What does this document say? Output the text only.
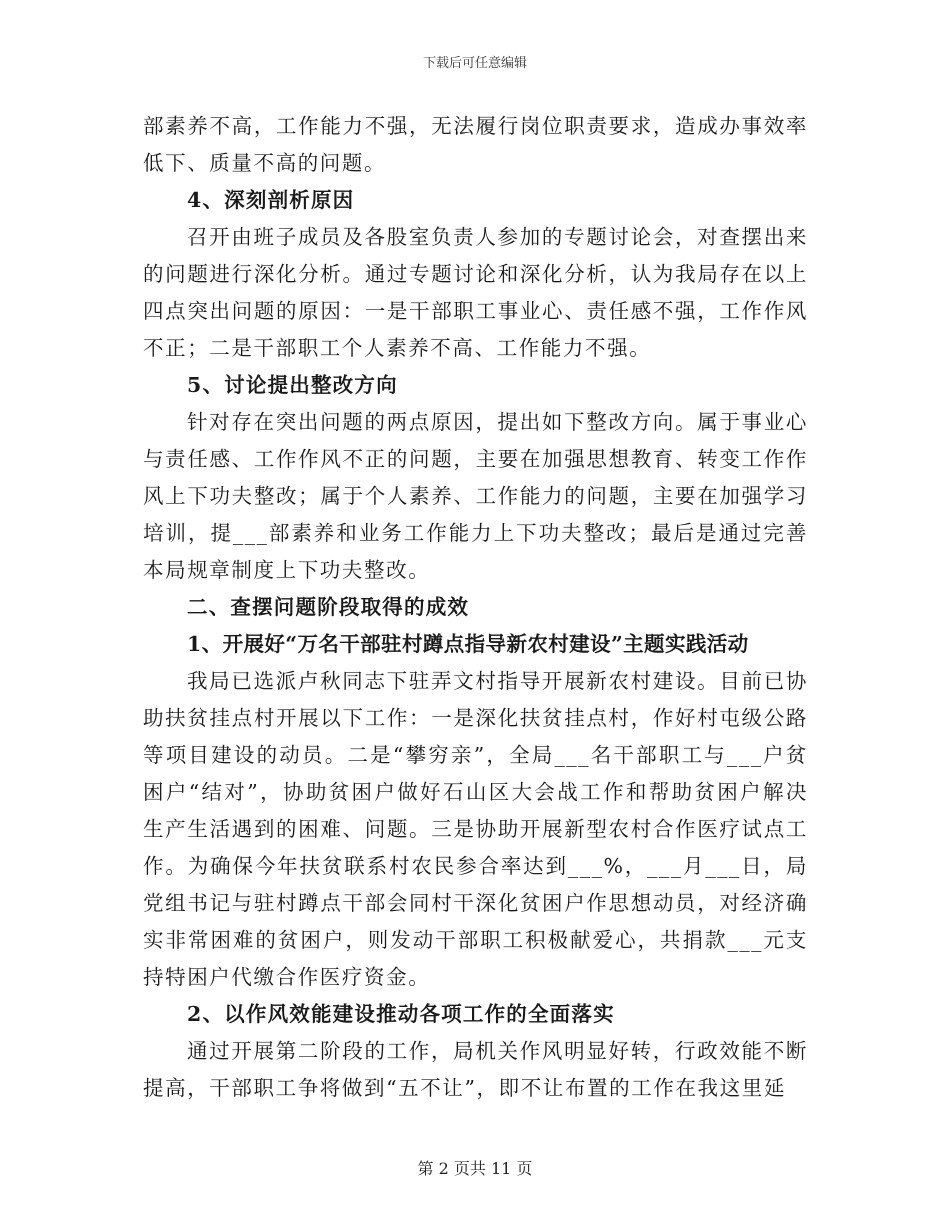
下载后可任意编辑

部素养不高，工作能力不强，无法履行岗位职责要求，造成办事效率低下、质量不高的问题。

4、深刻剖析原因

召开由班子成员及各股室负责人参加的专题讨论会，对查摆出来的问题进行深化分析。通过专题讨论和深化分析，认为我局存在以上四点突出问题的原因：一是干部职工事业心、责任感不强，工作作风不正；二是干部职工个人素养不高、工作能力不强。

5、讨论提出整改方向

针对存在突出问题的两点原因，提出如下整改方向。属于事业心与责任感、工作作风不正的问题，主要在加强思想教育、转变工作作风上下功夫整改；属于个人素养、工作能力的问题，主要在加强学习培训，提___部素养和业务工作能力上下功夫整改；最后是通过完善本局规章制度上下功夫整改。

二、查摆问题阶段取得的成效

1、开展好“万名干部驻村蹲点指导新农村建设”主题实践活动

我局已选派卢秋同志下驻弄文村指导开展新农村建设。目前已协助扶贫挂点村开展以下工作：一是深化扶贫挂点村，作好村屯级公路等项目建设的动员。二是“攀穷亲”，全局___名干部职工与___户贫困户“结对”，协助贫困户做好石山区大会战工作和帮助贫困户解决生产生活遇到的困难、问题。三是协助开展新型农村合作医疗试点工作。为确保今年扶贫联系村农民参合率达到___%，___月___日，局党组书记与驻村蹲点干部会同村干深化贫困户作思想动员，对经济确实非常困难的贫困户，则发动干部职工积极献爱心，共捐款___元支持特困户代缴合作医疗资金。

2、以作风效能建设推动各项工作的全面落实

通过开展第二阶段的工作，局机关作风明显好转，行政效能不断提高，干部职工争将做到“五不让”，即不让布置的工作在我这里延

第 2 页共 11 页
